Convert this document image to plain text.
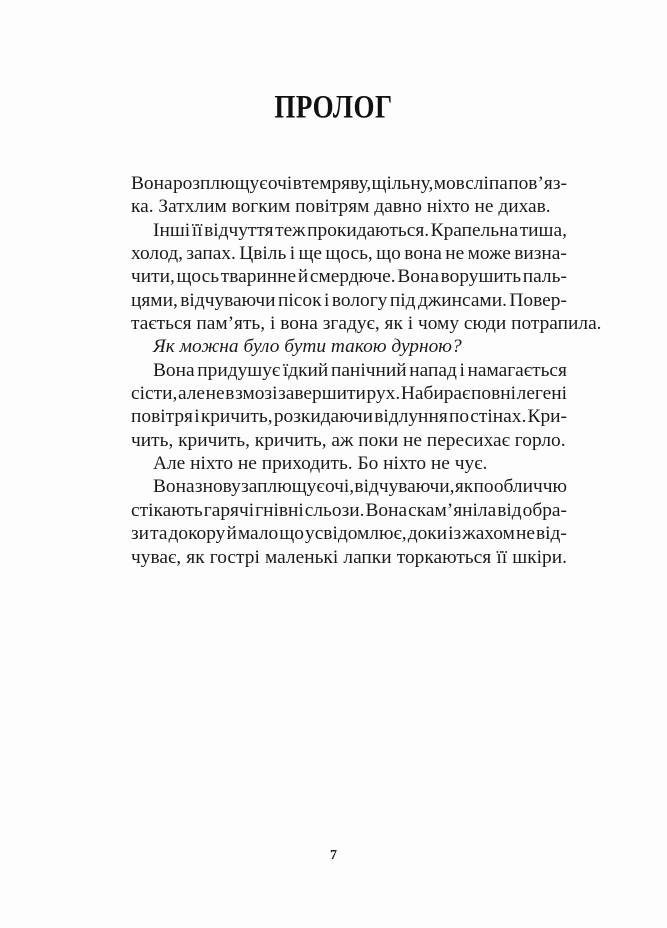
ПРОЛОГ
Вона розплющує очі в темряву, щільну, мов сліпа пов’яз-
ка. Затхлим вогким повітрям давно ніхто не дихав.
Інші її відчуття теж прокидаються. Крапельна тиша,
холод, запах. Цвіль і ще щось, що вона не може визна-
чити, щось тваринне й смердюче. Вона ворушить паль-
цями, відчуваючи пісок і вологу під джинсами. Повер-
тається пам’ять, і вона згадує, як і чому сюди потрапила.
Як можна було бути такою дурною?
Вона придушує їдкий панічний напад і намагається
сісти, але не в змозі завершити рух. Набирає повні легені
повітря і кричить, розкидаючи відлуння по стінах. Кри-
чить, кричить, кричить, аж поки не пересихає горло.
Але ніхто не приходить. Бо ніхто не чує.
Вона знову заплющує очі, відчуваючи, як по обличчю
стікають гарячі гнівні сльози. Вона скам’яніла від обра-
зи та докору й мало що усвідомлює, доки із жахом не від-
чуває, як гострі маленькі лапки торкаються її шкіри.
7
